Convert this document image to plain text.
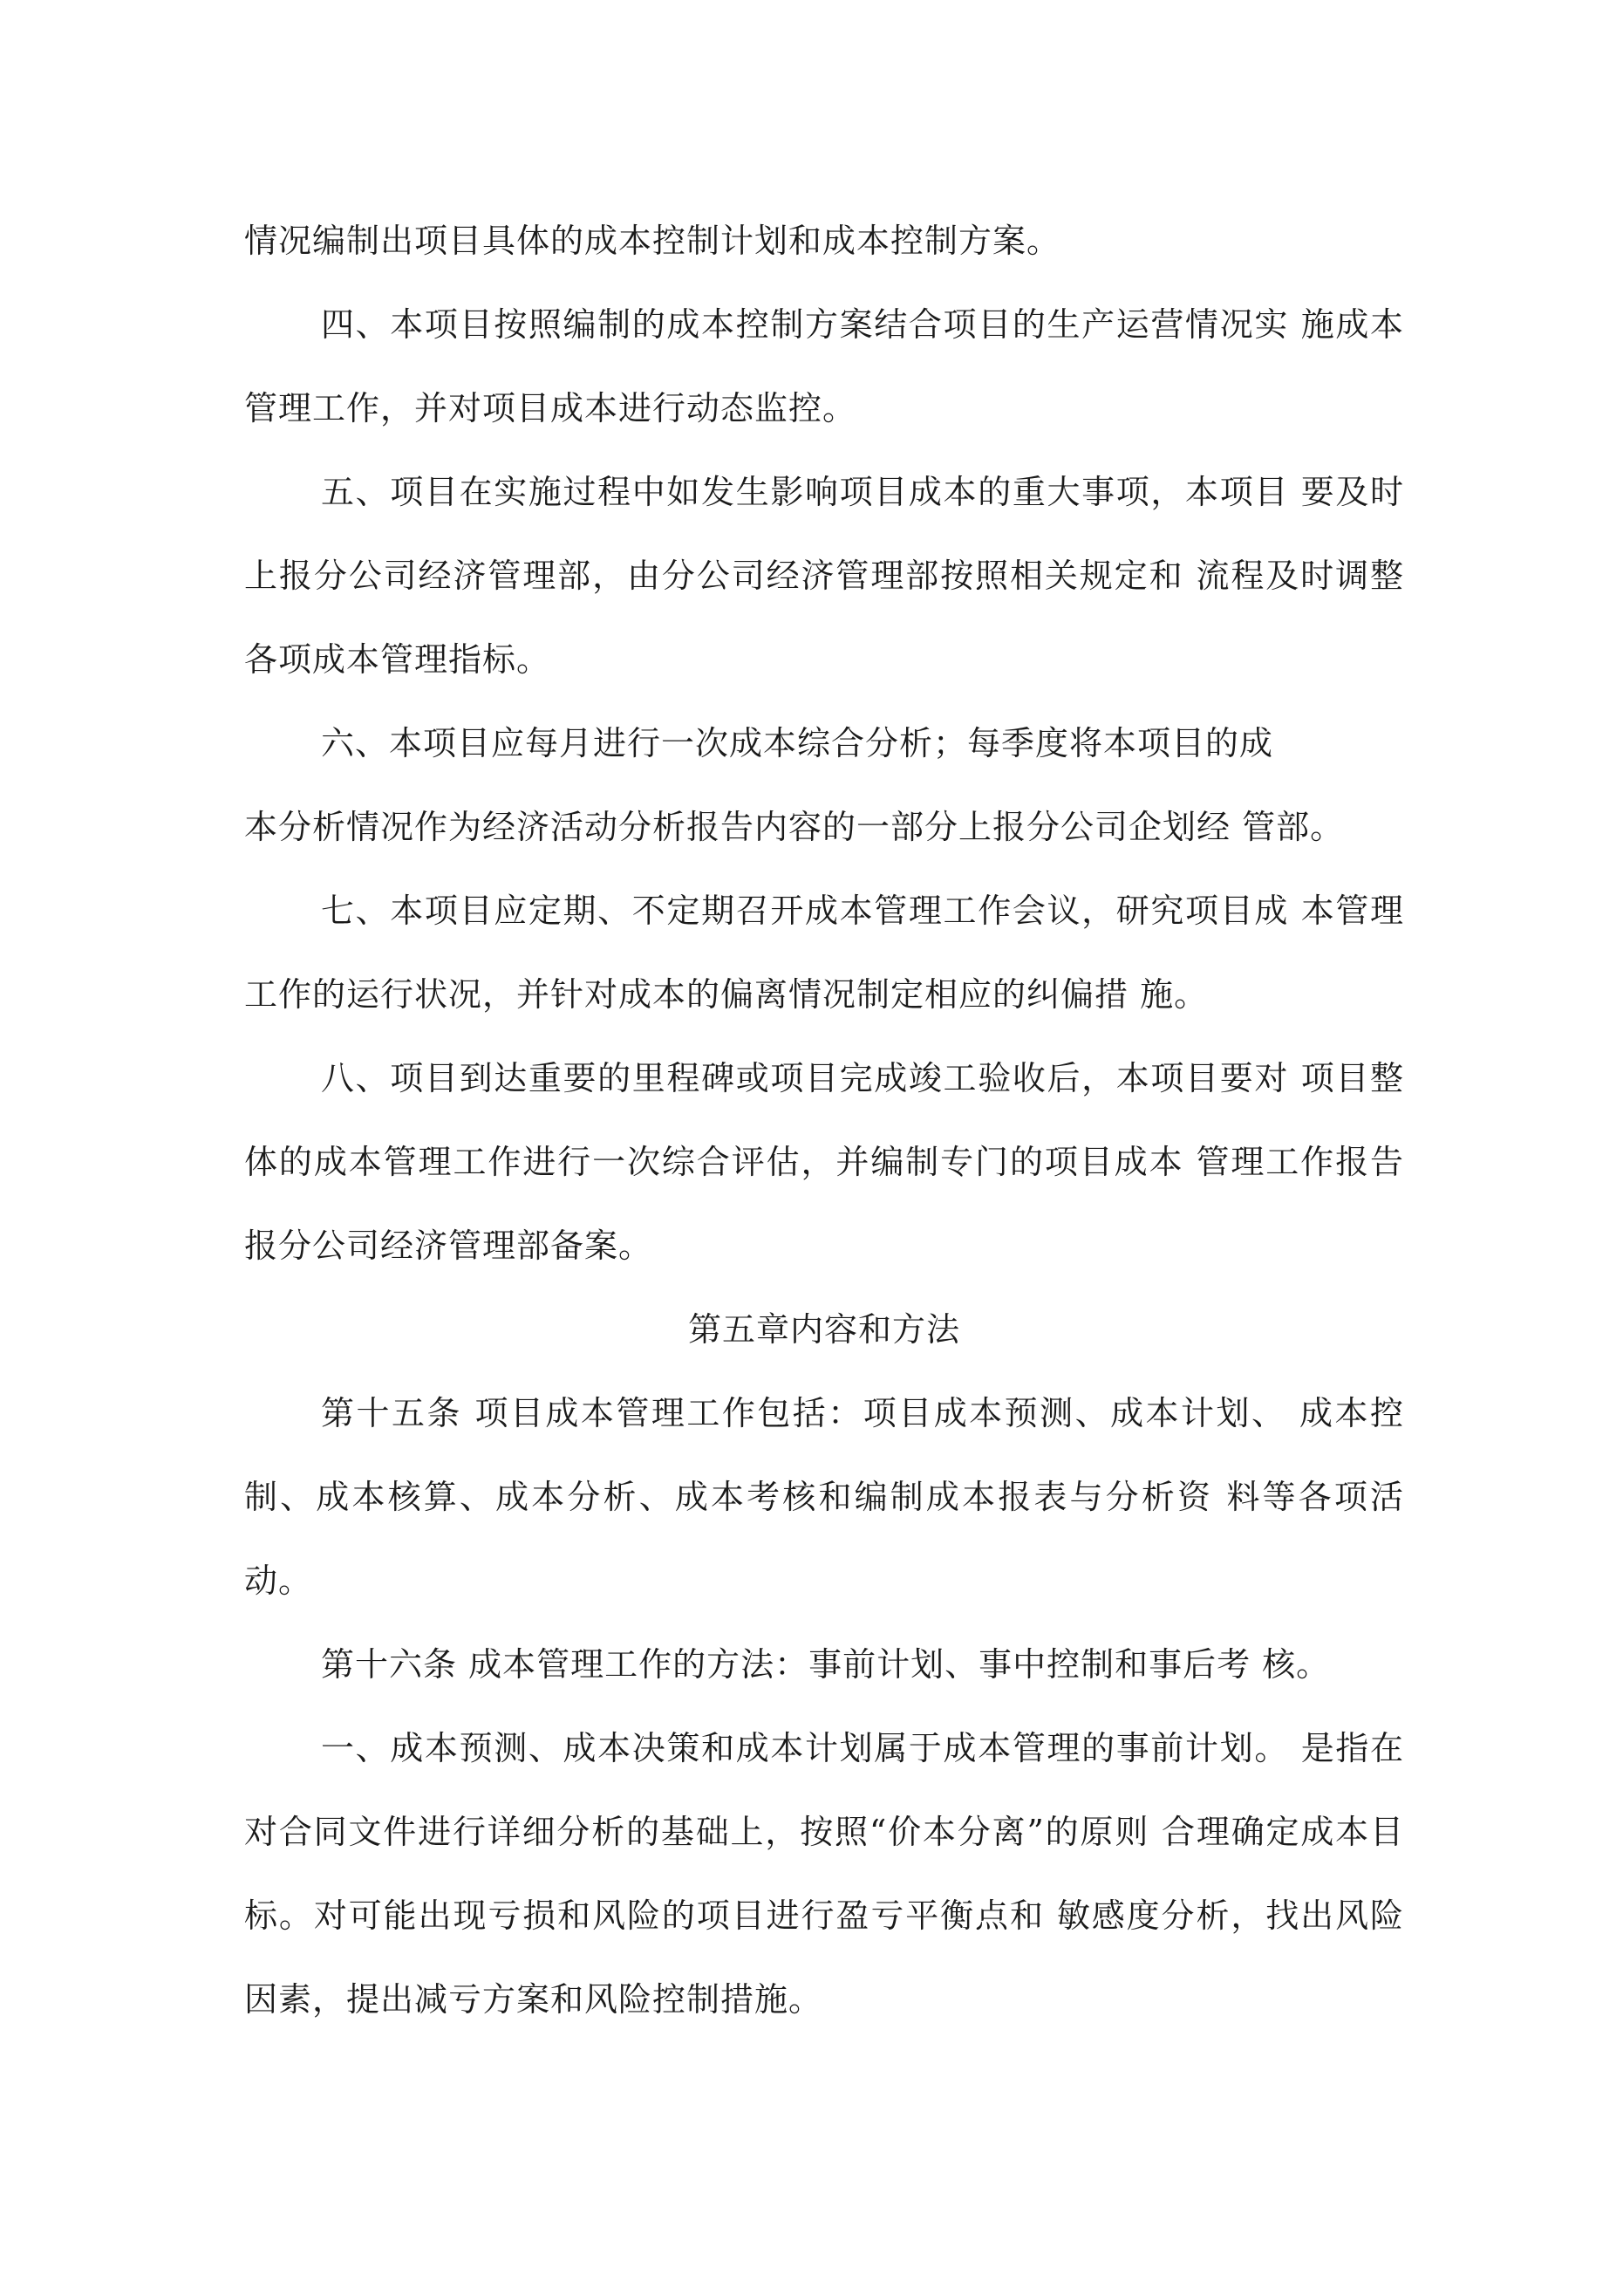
情况编制出项目具体的成本控制计划和成本控制方案。

四、本项目按照编制的成本控制方案结合项目的生产运营情况实 施成本管理工作，并对项目成本进行动态监控。

五、项目在实施过程中如发生影响项目成本的重大事项，本项目 要及时上报分公司经济管理部，由分公司经济管理部按照相关规定和 流程及时调整各项成本管理指标。

六、本项目应每月进行一次成本综合分析；每季度将本项目的成

本分析情况作为经济活动分析报告内容的一部分上报分公司企划经 管部。

七、本项目应定期、不定期召开成本管理工作会议，研究项目成 本管理工作的运行状况，并针对成本的偏离情况制定相应的纠偏措 施。

八、项目到达重要的里程碑或项目完成竣工验收后，本项目要对 项目整体的成本管理工作进行一次综合评估，并编制专门的项目成本 管理工作报告报分公司经济管理部备案。

第五章内容和方法

第十五条 项目成本管理工作包括：项目成本预测、成本计划、 成本控制、成本核算、成本分析、成本考核和编制成本报表与分析资 料等各项活动。

第十六条 成本管理工作的方法：事前计划、事中控制和事后考 核。

一、成本预测、成本决策和成本计划属于成本管理的事前计划。 是指在对合同文件进行详细分析的基础上，按照“价本分离”的原则 合理确定成本目标。对可能出现亏损和风险的项目进行盈亏平衡点和 敏感度分析，找出风险因素，提出减亏方案和风险控制措施。
